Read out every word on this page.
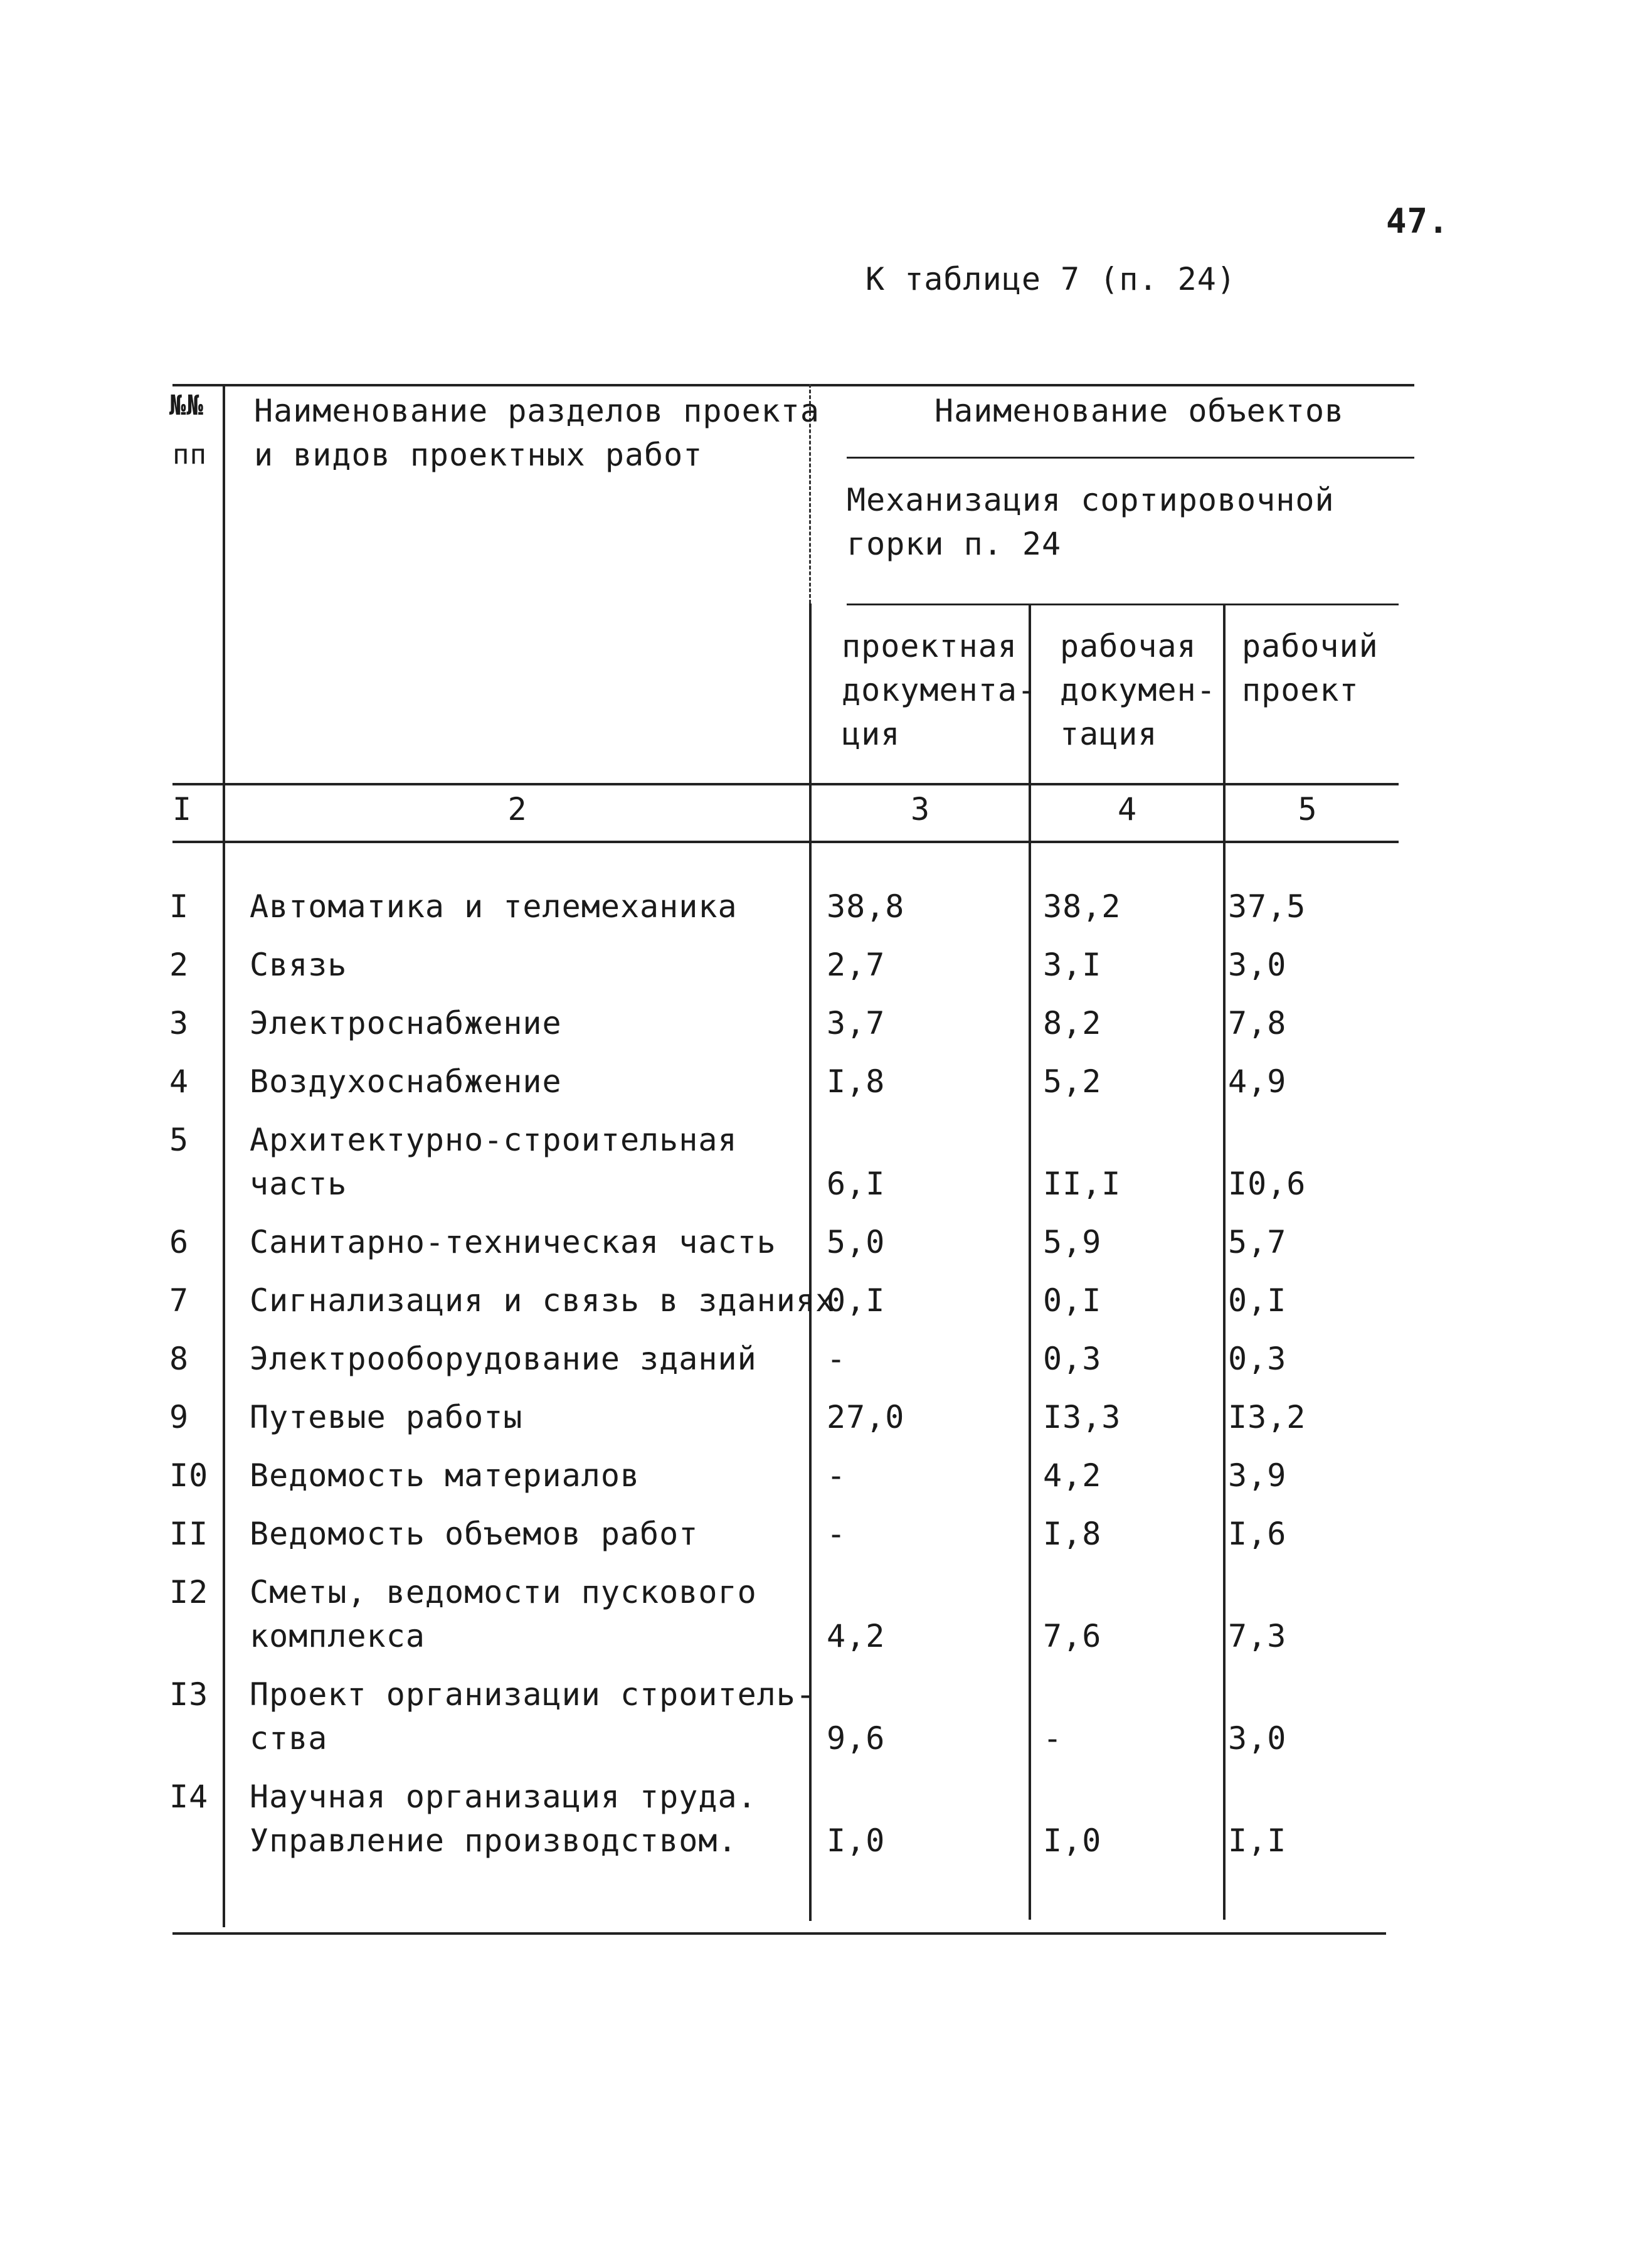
47.
К таблице 7 (п. 24)
№№
пп
Наименование разделов проекта
и видов проектных работ
Наименование объектов
Механизация сортировочной
горки п. 24
проектная
документа-
ция
рабочая
докумен-
тация
рабочий
проект
I	2	3	4	5
I Автоматика и телемеханика	38,8	38,2	37,5
2 Связь	2,7	3,I	3,0
3 Электроснабжение	3,7	8,2	7,8
4 Воздухоснабжение	I,8	5,2	4,9
5 Архитектурно-строительная
часть	6,I	II,I	I0,6
6 Санитарно-техническая часть 5,0	5,9	5,7
7 Сигнализация и связь в зданиях
0,I	0,I	0,I
8 Электрооборудование зданий -	0,3	0,3
9 Путевые работы	27,0	I3,3	I3,2
I0 Ведомость материалов	-	4,2	3,9
II Ведомость объемов работ	-	I,8	I,6
I2 Сметы, ведомости пускового
комплекса	4,2	7,6	7,3
I3 Проект организации строитель-
ства	9,6	-	3,0
I4 Научная организация труда.
Управление производством.	I,0	I,0	I,I
